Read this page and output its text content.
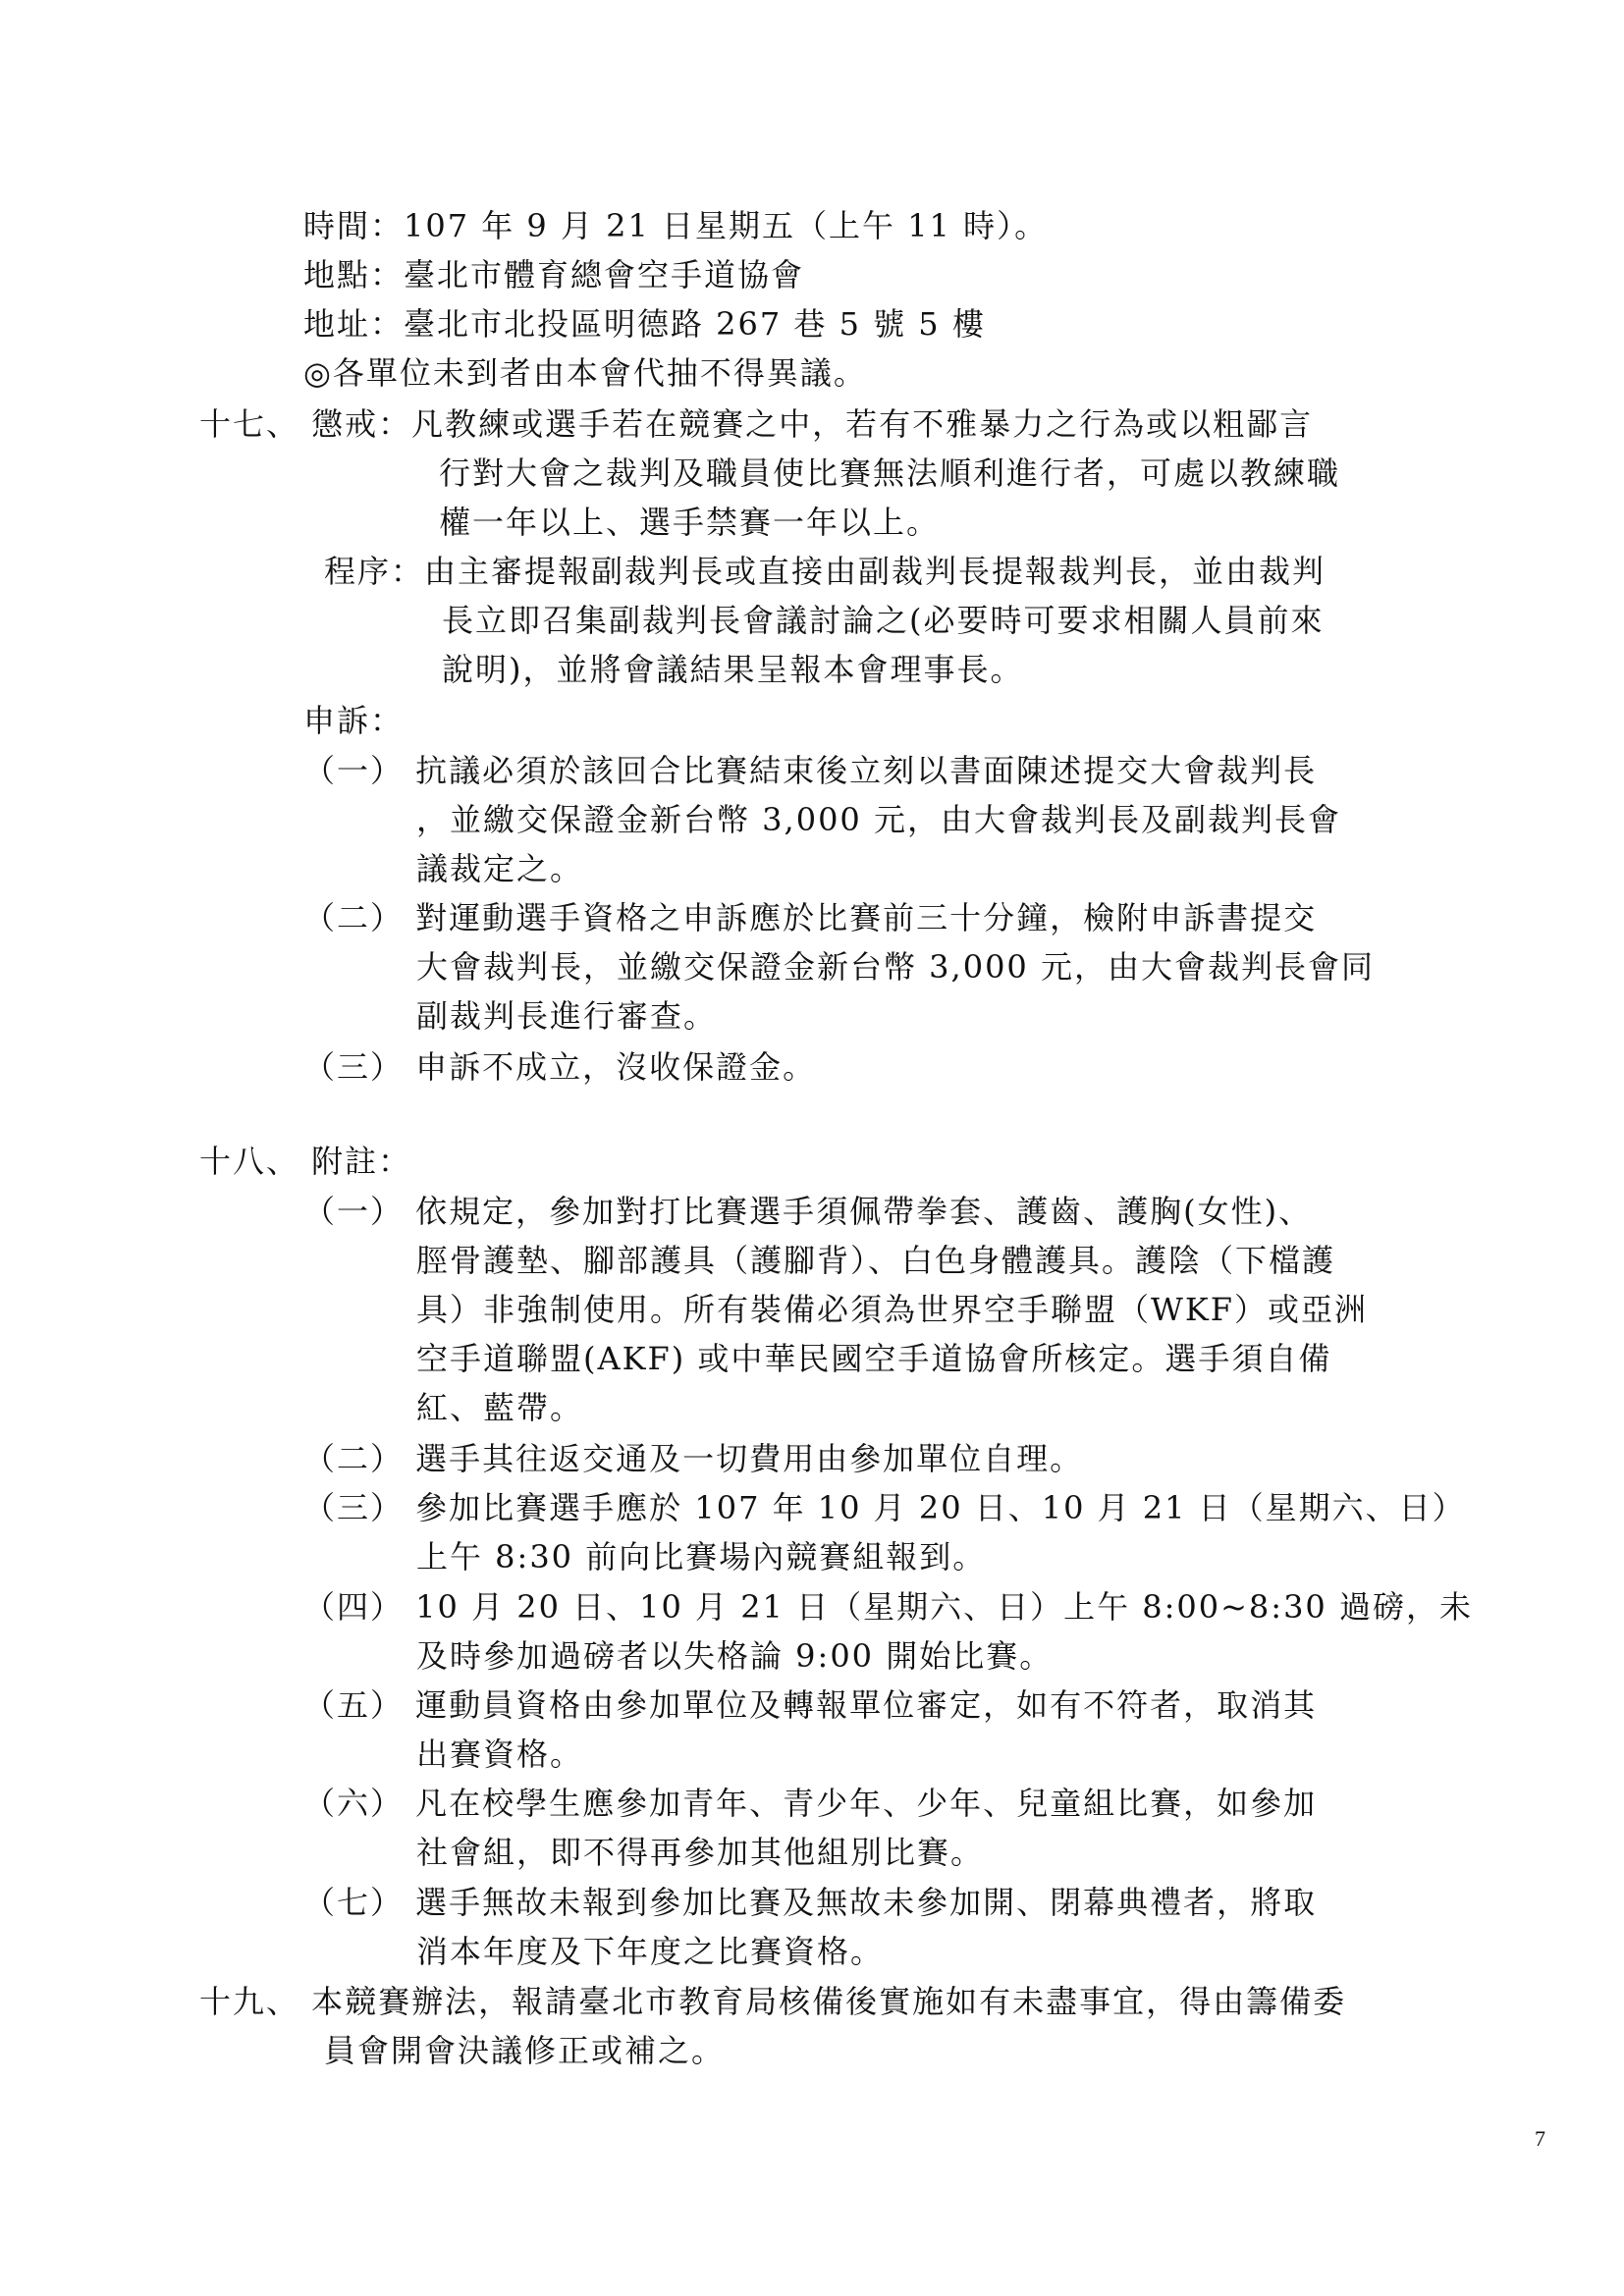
時間：107 年 9 月 21 日星期五（上午 11 時）。
地點：臺北市體育總會空手道協會
地址：臺北市北投區明德路 267 巷 5 號 5 樓
◎各單位未到者由本會代抽不得異議。
十七、 懲戒：凡教練或選手若在競賽之中，若有不雅暴力之行為或以粗鄙言
行對大會之裁判及職員使比賽無法順利進行者，可處以教練職
權一年以上、選手禁賽一年以上。
程序：由主審提報副裁判長或直接由副裁判長提報裁判長，並由裁判
長立即召集副裁判長會議討論之(必要時可要求相關人員前來
說明)，並將會議結果呈報本會理事長。
申訴：
（一） 抗議必須於該回合比賽結束後立刻以書面陳述提交大會裁判長
，並繳交保證金新台幣 3,000 元，由大會裁判長及副裁判長會
議裁定之。
（二） 對運動選手資格之申訴應於比賽前三十分鐘，檢附申訴書提交
大會裁判長，並繳交保證金新台幣 3,000 元，由大會裁判長會同
副裁判長進行審查。
（三） 申訴不成立，沒收保證金。
十八、 附註：
（一） 依規定，參加對打比賽選手須佩帶拳套、護齒、護胸(女性)、
脛骨護墊、腳部護具（護腳背）、白色身體護具。護陰（下檔護
具）非強制使用。所有裝備必須為世界空手聯盟（WKF）或亞洲
空手道聯盟(AKF) 或中華民國空手道協會所核定。選手須自備
紅、藍帶。
（二） 選手其往返交通及一切費用由參加單位自理。
（三） 參加比賽選手應於 107 年 10 月 20 日、10 月 21 日（星期六、日）
上午 8:30 前向比賽場內競賽組報到。
（四） 10 月 20 日、10 月 21 日（星期六、日）上午 8:00~8:30 過磅，未
及時參加過磅者以失格論 9:00 開始比賽。
（五） 運動員資格由參加單位及轉報單位審定，如有不符者，取消其
出賽資格。
（六） 凡在校學生應參加青年、青少年、少年、兒童組比賽，如參加
社會組，即不得再參加其他組別比賽。
（七） 選手無故未報到參加比賽及無故未參加開、閉幕典禮者，將取
消本年度及下年度之比賽資格。
十九、 本競賽辦法，報請臺北市教育局核備後實施如有未盡事宜，得由籌備委
員會開會決議修正或補之。
7
